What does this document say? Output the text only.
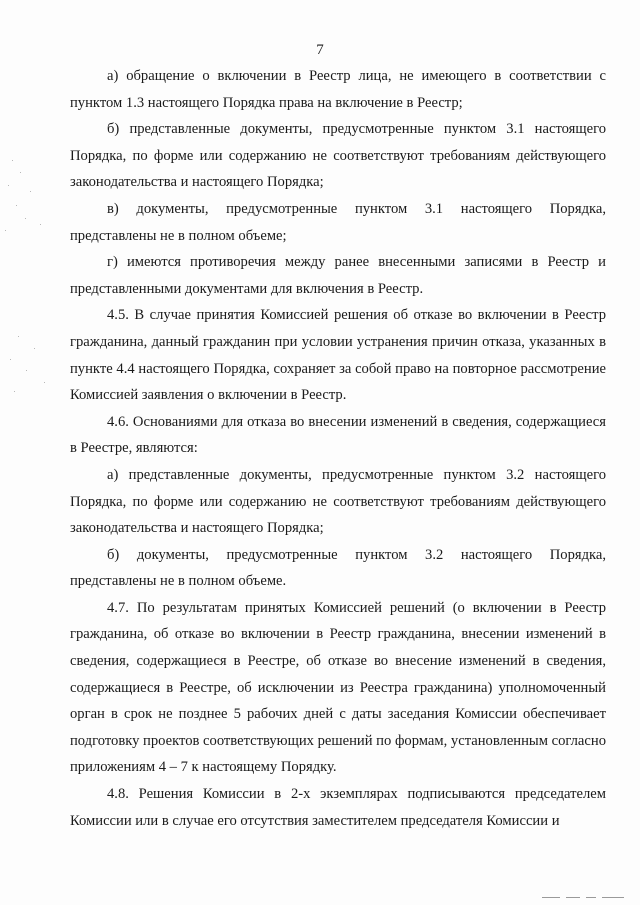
7

а) обращение о включении в Реестр лица, не имеющего в соответствии с пунктом 1.3 настоящего Порядка права на включение в Реестр;

б) представленные документы, предусмотренные пунктом 3.1 настоящего Порядка, по форме или содержанию не соответствуют требованиям действующего законодательства и настоящего Порядка;

в) документы, предусмотренные пунктом 3.1 настоящего Порядка, представлены не в полном объеме;

г) имеются противоречия между ранее внесенными записями в Реестр и представленными документами для включения в Реестр.

4.5. В случае принятия Комиссией решения об отказе во включении в Реестр гражданина, данный гражданин при условии устранения причин отказа, указанных в пункте 4.4 настоящего Порядка, сохраняет за собой право на повторное рассмотрение Комиссией заявления о включении в Реестр.

4.6. Основаниями для отказа во внесении изменений в сведения, содержащиеся в Реестре, являются:

а) представленные документы, предусмотренные пунктом 3.2 настоящего Порядка, по форме или содержанию не соответствуют требованиям действующего законодательства и настоящего Порядка;

б) документы, предусмотренные пунктом 3.2 настоящего Порядка, представлены не в полном объеме.

4.7. По результатам принятых Комиссией решений (о включении в Реестр гражданина, об отказе во включении в Реестр гражданина, внесении изменений в сведения, содержащиеся в Реестре, об отказе во внесение изменений в сведения, содержащиеся в Реестре, об исключении из Реестра гражданина) уполномоченный орган в срок не позднее 5 рабочих дней с даты заседания Комиссии обеспечивает подготовку проектов соответствующих решений по формам, установленным согласно приложениям 4 – 7 к настоящему Порядку.

4.8. Решения Комиссии в 2-х экземплярах подписываются председателем Комиссии или в случае его отсутствия заместителем председателя Комиссии и
